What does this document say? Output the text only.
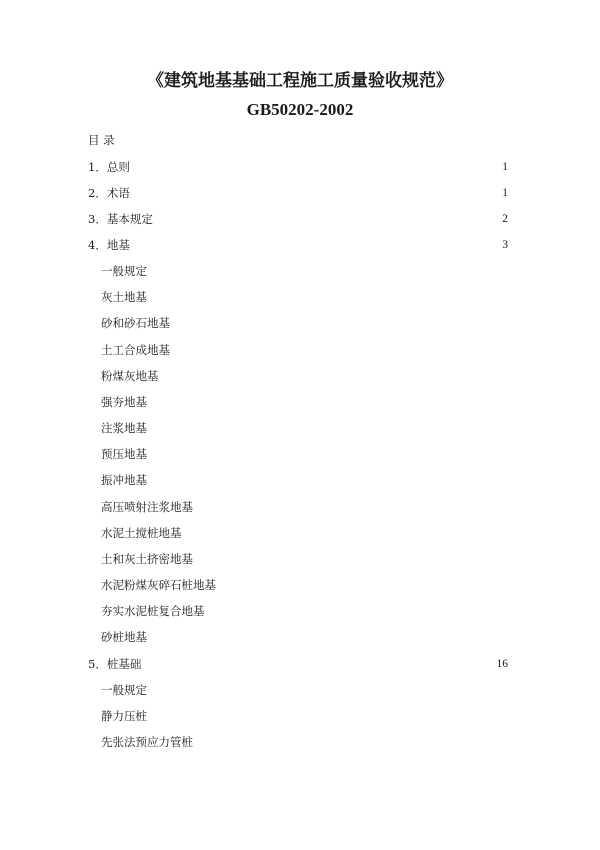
《建筑地基基础工程施工质量验收规范》
GB50202-2002
目 录
1．总则	1
2．术语	1
3．基本规定	2
4．地基	3
一般规定
灰土地基
砂和砂石地基
土工合成地基
粉煤灰地基
强夯地基
注浆地基
预压地基
振冲地基
高压喷射注浆地基
水泥土搅桩地基
土和灰土挤密地基
水泥粉煤灰碎石桩地基
夯实水泥桩复合地基
砂桩地基
5．桩基础	16
一般规定
静力压桩
先张法预应力管桩
